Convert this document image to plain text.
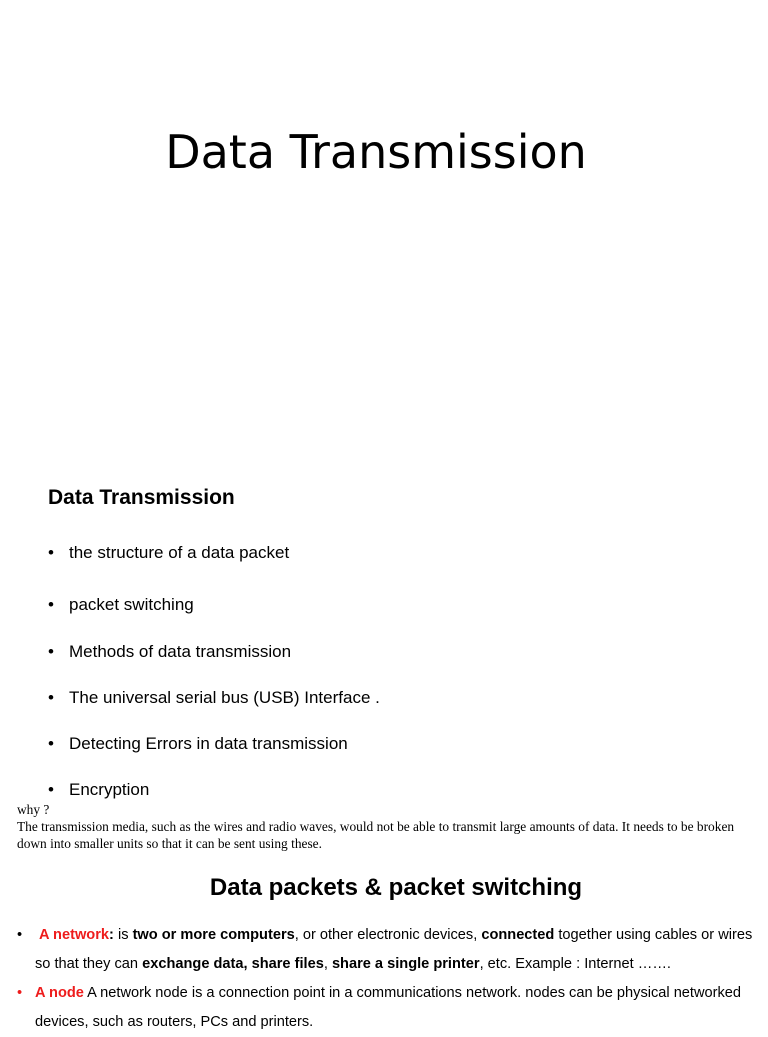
Data Transmission
Data Transmission
• the structure of a data packet
• packet switching
• Methods of data transmission
• The universal serial bus (USB) Interface .
• Detecting Errors in data transmission
• Encryption
why ?
The transmission media, such as the wires and radio waves, would not be able to transmit large amounts of data. It needs to be broken down into smaller units so that it can be sent using these.
Data packets & packet switching
• A network: is two or more computers, or other electronic devices, connected together using cables or wires so that they can exchange data, share files, share a single printer, etc. Example : Internet …….
• A node A network node is a connection point in a communications network. nodes can be physical networked devices, such as routers, PCs and printers.
